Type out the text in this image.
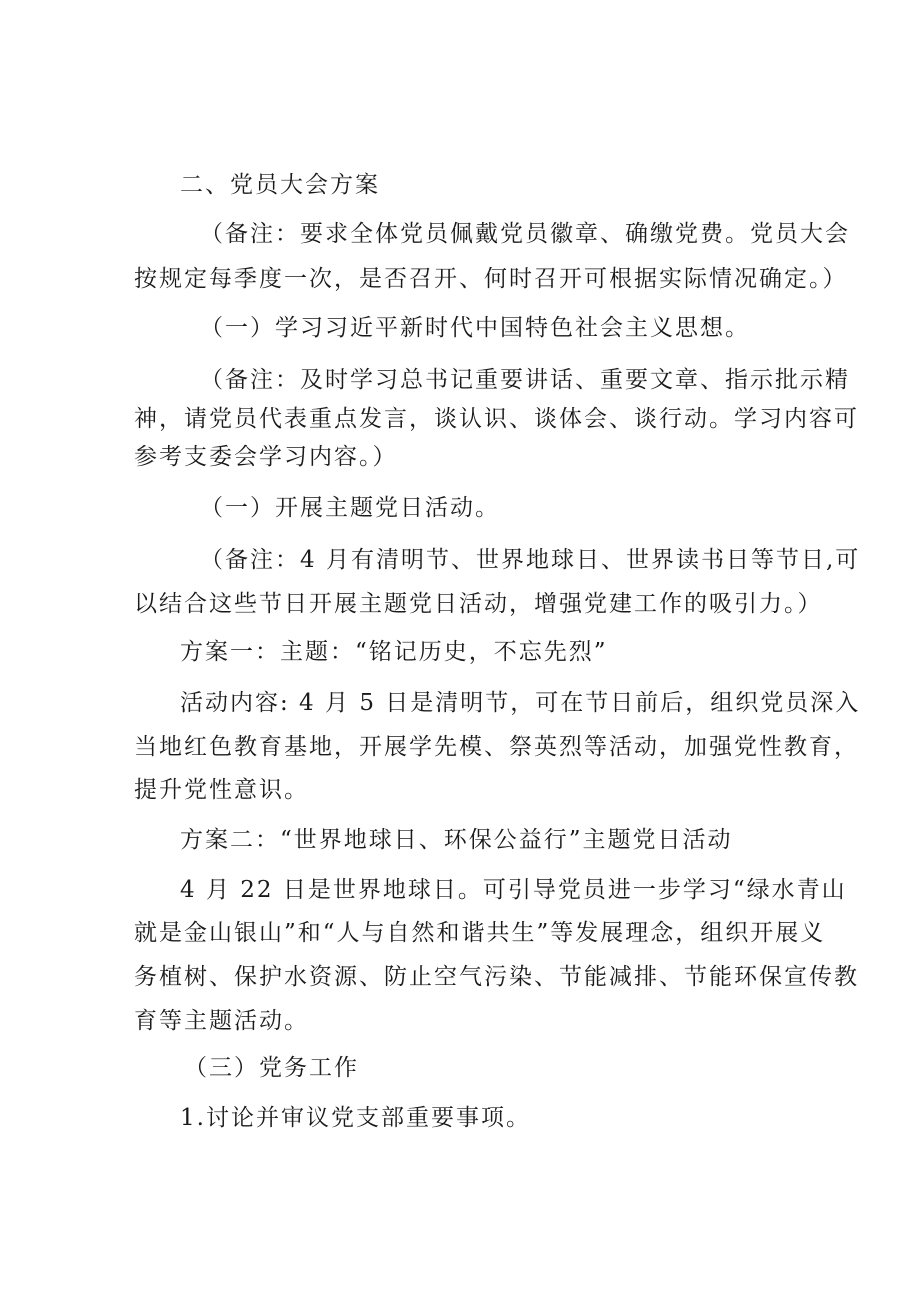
二、党员大会方案
（备注：要求全体党员佩戴党员徽章、确缴党费。党员大会
按规定每季度一次，是否召开、何时召开可根据实际情况确定。）
（一）学习习近平新时代中国特色社会主义思想。
（备注：及时学习总书记重要讲话、重要文章、指示批示精
神，请党员代表重点发言，谈认识、谈体会、谈行动。学习内容可
参考支委会学习内容。）
（一）开展主题党日活动。
（备注：4 月有清明节、世界地球日、世界读书日等节日,可
以结合这些节日开展主题党日活动，增强党建工作的吸引力。）
方案一：主题：“铭记历史，不忘先烈”
活动内容: 4 月 5 日是清明节，可在节日前后，组织党员深入
当地红色教育基地，开展学先模、祭英烈等活动，加强党性教育，
提升党性意识。
方案二：“世界地球日、环保公益行”主题党日活动
4 月 22 日是世界地球日。可引导党员进一步学习“绿水青山
就是金山银山”和“人与自然和谐共生”等发展理念，组织开展义
务植树、保护水资源、防止空气污染、节能减排、节能环保宣传教
育等主题活动。
（三）党务工作
1.讨论并审议党支部重要事项。
